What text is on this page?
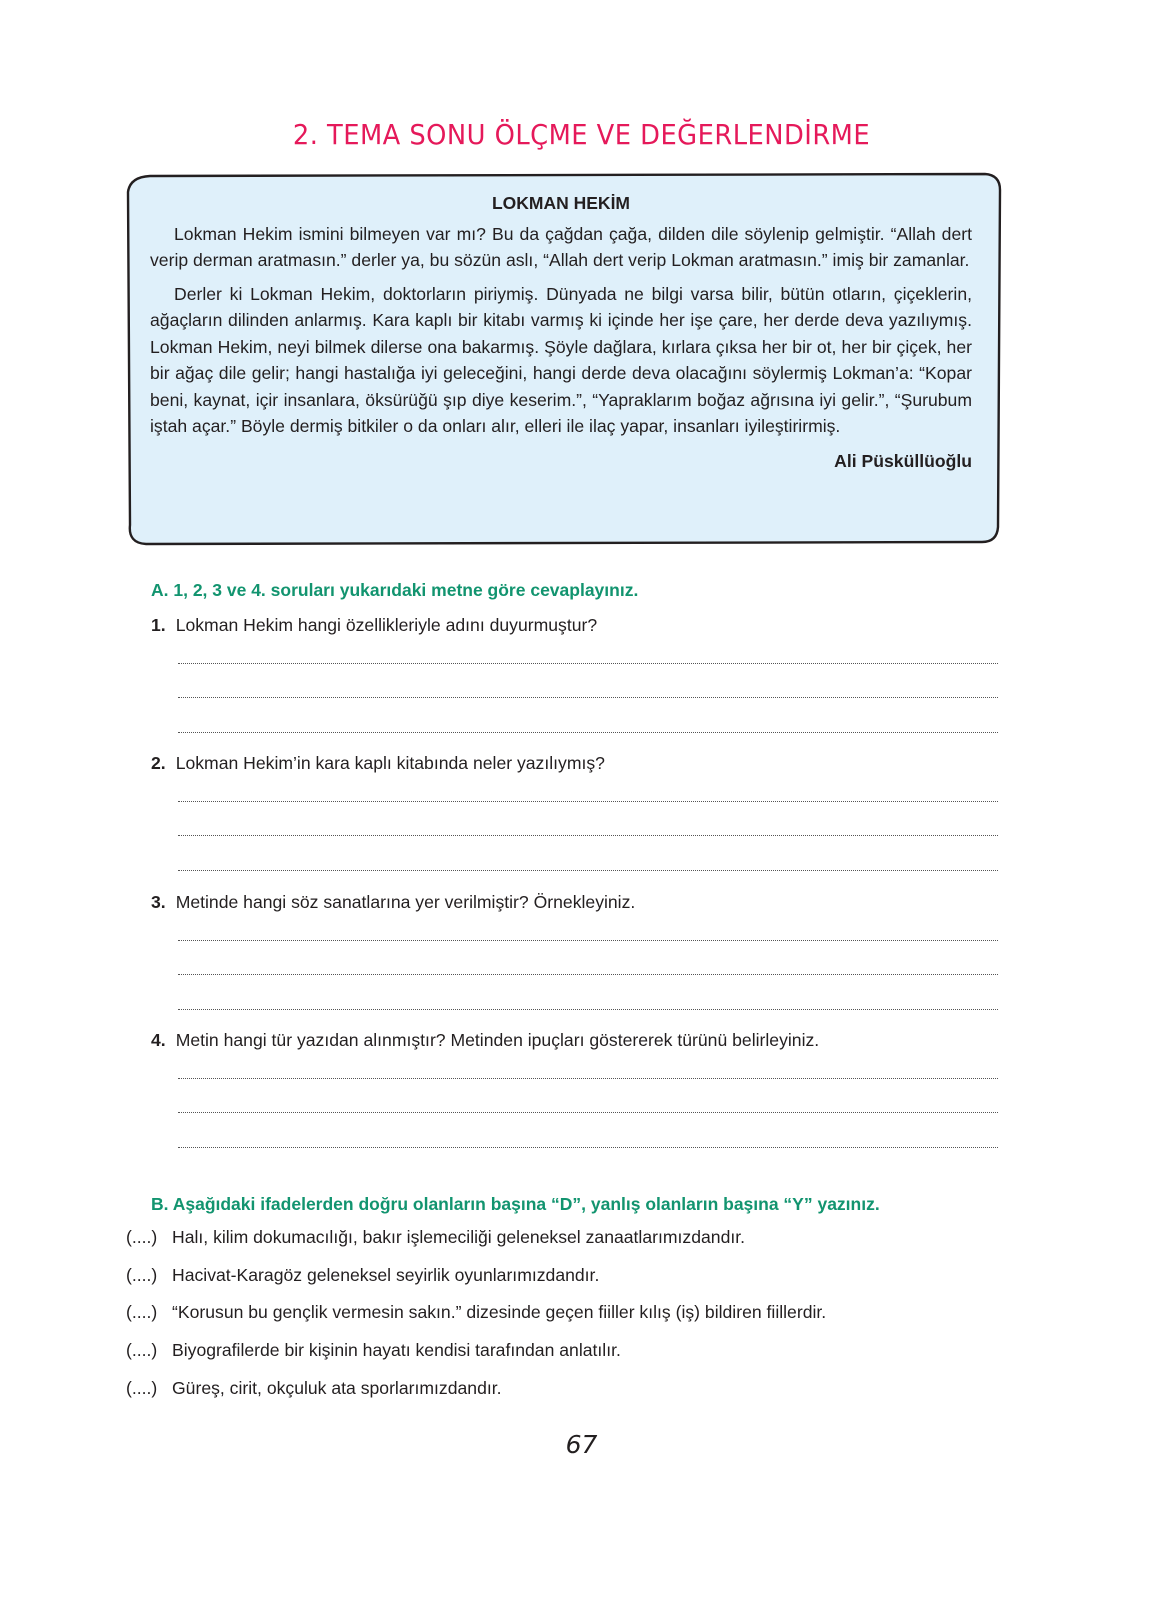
2. TEMA SONU ÖLÇME VE DEĞERLENDİRME
LOKMAN HEKİM

Lokman Hekim ismini bilmeyen var mı? Bu da çağdan çağa, dilden dile söylenip gelmiştir. “Allah dert verip derman aratmasın.” derler ya, bu sözün aslı, “Allah dert verip Lokman aratmasın.” imiş bir zamanlar.

Derler ki Lokman Hekim, doktorların piriymiş. Dünyada ne bilgi varsa bilir, bütün otların, çiçeklerin, ağaçların dilinden anlarmış. Kara kaplı bir kitabı varmış ki içinde her işe çare, her derde deva yazılıymış. Lokman Hekim, neyi bilmek dilerse ona bakarmış. Şöyle dağlara, kırlara çıksa her bir ot, her bir çiçek, her bir ağaç dile gelir; hangi hastalığa iyi geleceğini, hangi derde deva olacağını söylermiş Lokman’a: “Kopar beni, kaynat, içir insanlara, öksürüğü şıp diye keserim.”, “Yapraklarım boğaz ağrısına iyi gelir.”, “Şurubum iştah açar.” Böyle dermiş bitkiler o da onları alır, elleri ile ilaç yapar, insanları iyileştirirmiş.

Ali Püsküllüoğlu
A. 1, 2, 3 ve 4. soruları yukarıdaki metne göre cevaplayınız.
1. Lokman Hekim hangi özellikleriyle adını duyurmuştur?
2. Lokman Hekim’in kara kaplı kitabında neler yazılıymış?
3. Metinde hangi söz sanatlarına yer verilmiştir? Örnekleyiniz.
4. Metin hangi tür yazıdan alınmıştır? Metinden ipuçları göstererek türünü belirleyiniz.
B. Aşağıdaki ifadelerden doğru olanların başına “D”, yanlış olanların başına “Y” yazınız.
(....) Halı, kilim dokumacılığı, bakır işlemeciliği geleneksel zanaatlarımızdandır.
(....) Hacivat-Karagöz geleneksel seyirlik oyunlarımızdandır.
(....) “Korusun bu gençlik vermesin sakın.” dizesinde geçen fiiller kılış (iş) bildiren fiillerdir.
(....) Biyografilerde bir kişinin hayatı kendisi tarafından anlatılır.
(....) Güreş, cirit, okçuluk ata sporlarımızdandır.
67
